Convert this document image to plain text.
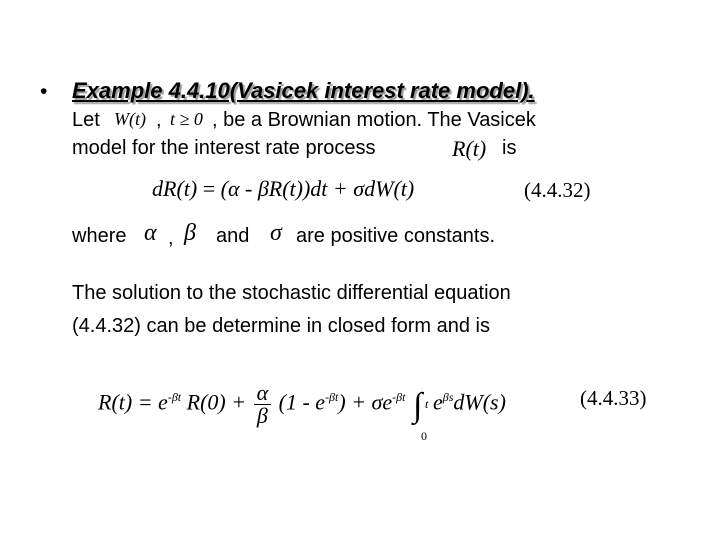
• Example 4.4.10(Vasicek interest rate model).
Let W(t) , t ≥ 0 , be a Brownian motion. The Vasicek
model for the interest rate process	R(t) is
dR(t) = (α - βR(t))dt + σdW(t)	(4.4.32)
where α , β and σ are positive constants.
The solution to the stochastic differential equation
(4.4.32) can be determine in closed form and is
$R(t) = e^{-\beta t}$ $R(0) + \frac{\alpha}{\beta} (1 - e^{-\beta t}) + \sigma e^{-\beta t}$ ∫ t
0
$e^{\beta s}dW(s)$	(4.4.33)
